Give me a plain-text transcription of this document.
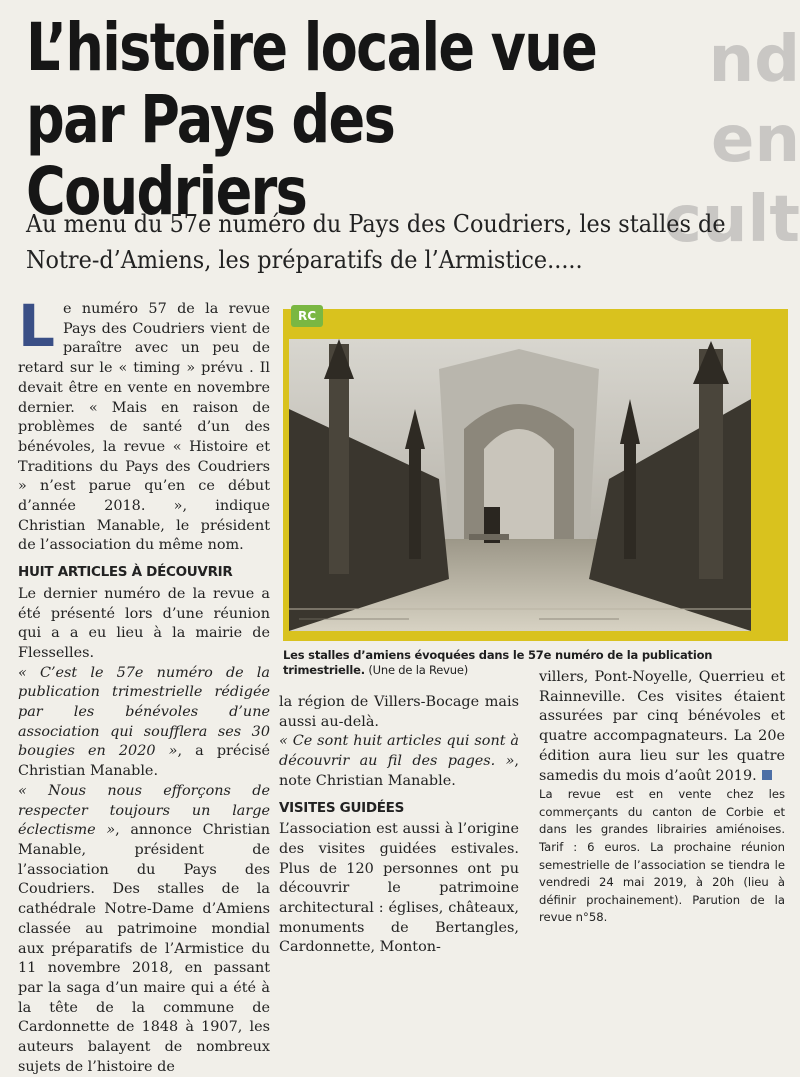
nd en
cult
L’histoire locale vue
par Pays des Coudriers

Au menu du 57e numéro du Pays des Coudriers, les stalles de Notre-d’Amiens, les préparatifs de l’Armistice.....

L e numéro 57 de la revue Pays des Coudriers vient de paraître avec un peu de retard sur le « timing » prévu . Il devait être en vente en novembre dernier. « Mais en raison de problèmes de santé d’un des bénévoles, la revue « Histoire et Traditions du Pays des Coudriers » n’est parue qu’en ce début d’année 2018. », indique Christian Manable, le président de l’association du même nom.

HUIT ARTICLES À DÉCOUVRIR

Le dernier numéro de la revue a été présenté lors d’une réunion qui a a eu lieu à la mairie de Flesselles.

« C’est le 57e numéro de la publication trimestrielle rédigée par les bénévoles d’une association qui soufflera ses 30 bougies en 2020 », a précisé Christian Manable.

« Nous nous efforçons de respecter toujours un large éclectisme », annonce Christian Manable, président de l’association du Pays des Coudriers. Des stalles de la cathédrale Notre-Dame d’Amiens classée au patrimoine mondial aux préparatifs de l’Armistice du 11 novembre 2018, en passant par la saga d’un maire qui a été à la tête de la commune de Cardonnette de 1848 à 1907, les auteurs balayent de nombreux sujets de l’histoire de

RC
Les stalles d’amiens évoquées dans le 57e numéro de la publication trimestrielle. (Une de la Revue)

la région de Villers-Bocage mais aussi au-delà.

« Ce sont huit articles qui sont à découvrir au fil des pages. », note Christian Manable.

VISITES GUIDÉES

L’association est aussi à l’origine des visites guidées estivales. Plus de 120 personnes ont pu découvrir le patrimoine architectural : églises, châteaux, monuments de Bertangles, Cardonnette, Monton-

villers, Pont-Noyelle, Querrieu et Rainneville. Ces visites étaient assurées par cinq bénévoles et quatre accompagnateurs. La 20e édition aura lieu sur les quatre samedis du mois d’août 2019.

La revue est en vente chez les commerçants du canton de Corbie et dans les grandes librairies amiénoises. Tarif : 6 euros. La prochaine réunion semestrielle de l’association se tiendra le vendredi 24 mai 2019, à 20h (lieu à définir prochainement). Parution de la revue n°58.
